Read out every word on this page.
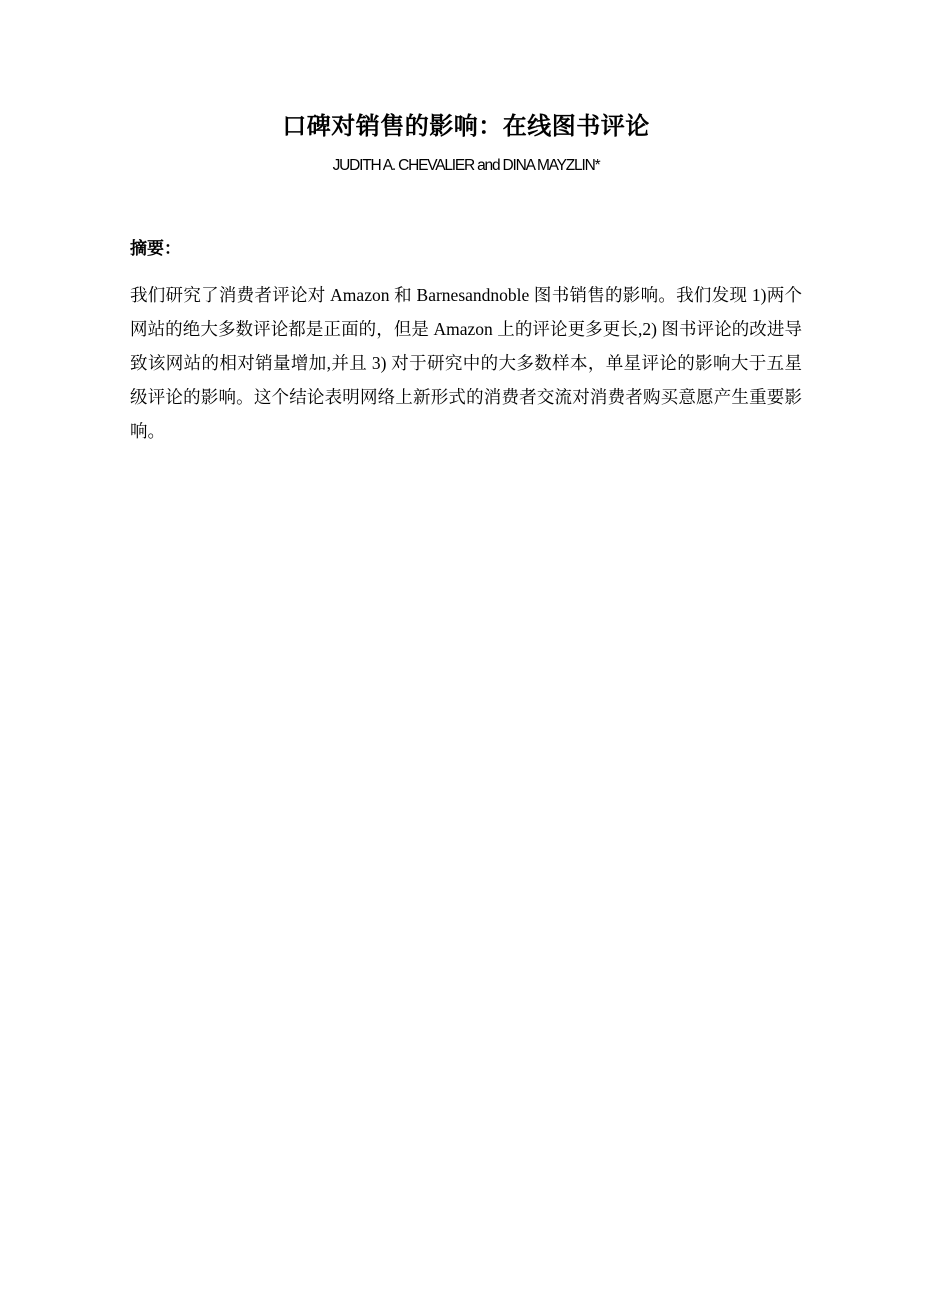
口碑对销售的影响：在线图书评论
JUDITH A. CHEVALIER and DINA MAYZLIN*
摘要：

我们研究了消费者评论对 Amazon 和 Barnesandnoble 图书销售的影响。我们发现 1)两个网站的绝大多数评论都是正面的，但是 Amazon 上的评论更多更长,2) 图书评论的改进导致该网站的相对销量增加,并且 3) 对于研究中的大多数样本，单星评论的影响大于五星级评论的影响。这个结论表明网络上新形式的消费者交流对消费者购买意愿产生重要影响。
